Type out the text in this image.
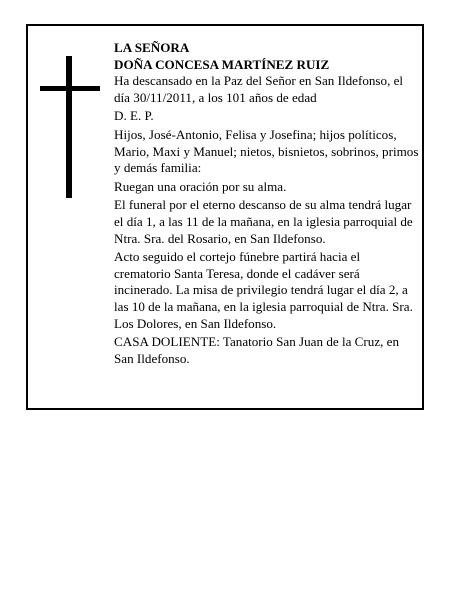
LA SEÑORA

DOÑA CONCESA MARTÍNEZ RUIZ

Ha descansado en la Paz del Señor en San Ildefonso, el día 30/11/2011, a los 101 años de edad

D. E. P.

Hijos, José-Antonio, Felisa y Josefina; hijos políticos, Mario, Maxi y Manuel; nietos, bisnietos, sobrinos, primos y demás familia:

Ruegan una oración por su alma.

El funeral por el eterno descanso de su alma tendrá lugar el día 1, a las 11 de la mañana, en la iglesia parroquial de Ntra. Sra. del Rosario, en San Ildefonso.

Acto seguido el cortejo fúnebre partirá hacia el crematorio Santa Teresa, donde el cadáver será incinerado. La misa de privilegio tendrá lugar el día 2, a las 10 de la mañana, en la iglesia parroquial de Ntra. Sra. Los Dolores, en San Ildefonso.

CASA DOLIENTE: Tanatorio San Juan de la Cruz, en San Ildefonso.
